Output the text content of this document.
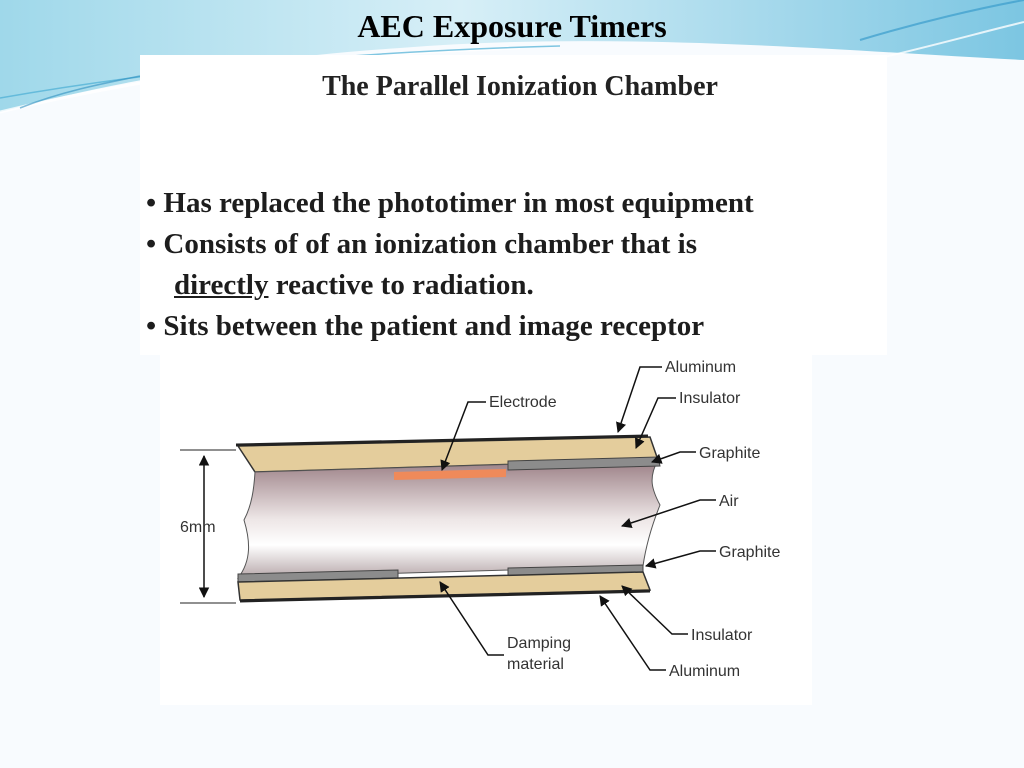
AEC Exposure Timers
The Parallel Ionization Chamber
• Has replaced the phototimer in most equipment
• Consists of of an ionization chamber that is
directly reactive to radiation.
• Sits between the patient and image receptor
6mm
Aluminum
Insulator
Electrode
Graphite
Air
Graphite
Insulator
Aluminum
Damping
material
